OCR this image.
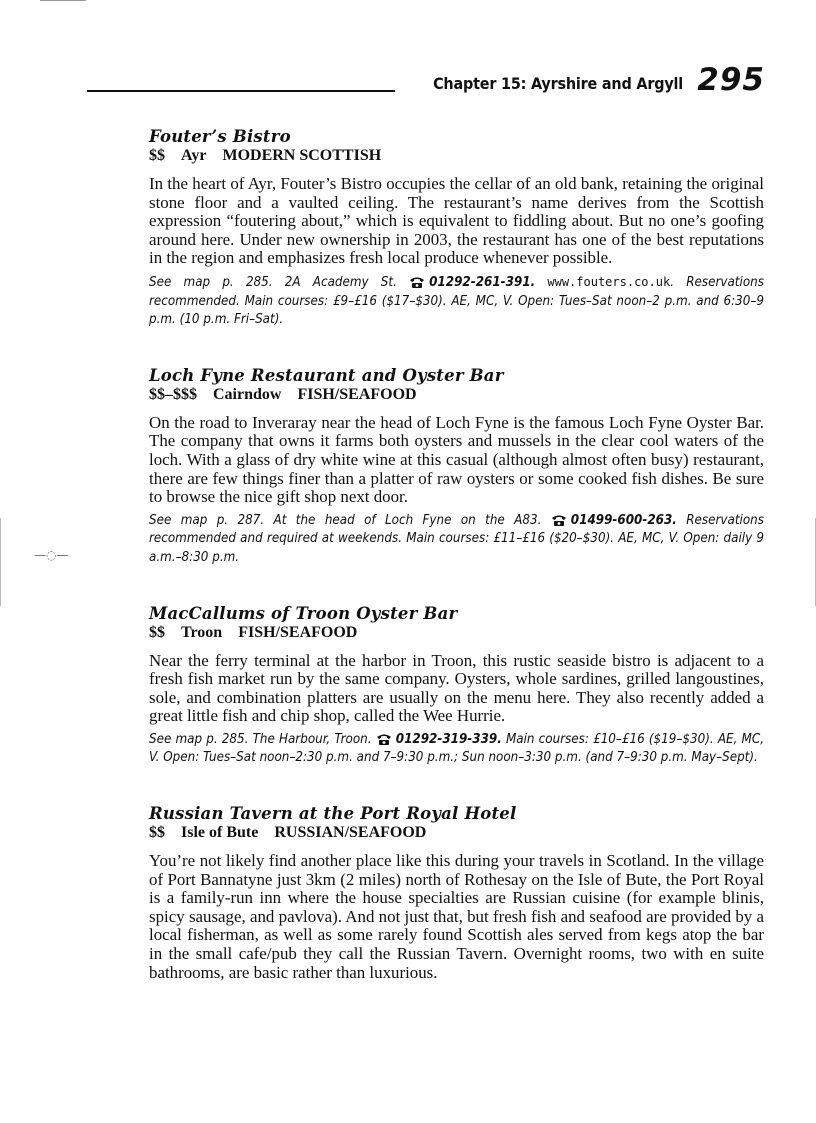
—◌—
Chapter 15: Ayrshire and Argyll 295
Fouter’s Bistro
$$ Ayr MODERN SCOTTISH

In the heart of Ayr, Fouter’s Bistro occupies the cellar of an old bank, retaining the original stone floor and a vaulted ceiling. The restaurant’s name derives from the Scottish expression “foutering about,” which is equivalent to fiddling about. But no one’s goofing around here. Under new ownership in 2003, the restaurant has one of the best reputations in the region and emphasizes fresh local produce whenever possible.

See map p. 285. 2A Academy St. 01292-261-391. www.fouters.co.uk. Reservations recommended. Main courses: £9–£16 ($17–$30). AE, MC, V. Open: Tues–Sat noon–2 p.m. and 6:30–9 p.m. (10 p.m. Fri–Sat).

Loch Fyne Restaurant and Oyster Bar
$$–$$$ Cairndow FISH/SEAFOOD

On the road to Inveraray near the head of Loch Fyne is the famous Loch Fyne Oyster Bar. The company that owns it farms both oysters and mussels in the clear cool waters of the loch. With a glass of dry white wine at this casual (although almost often busy) restaurant, there are few things finer than a platter of raw oysters or some cooked fish dishes. Be sure to browse the nice gift shop next door.

See map p. 287. At the head of Loch Fyne on the A83. 01499-600-263. Reservations recommended and required at weekends. Main courses: £11–£16 ($20–$30). AE, MC, V. Open: daily 9 a.m.–8:30 p.m.

MacCallums of Troon Oyster Bar
$$ Troon FISH/SEAFOOD

Near the ferry terminal at the harbor in Troon, this rustic seaside bistro is adjacent to a fresh fish market run by the same company. Oysters, whole sardines, grilled langoustines, sole, and combination platters are usually on the menu here. They also recently added a great little fish and chip shop, called the Wee Hurrie.

See map p. 285. The Harbour, Troon. 01292-319-339. Main courses: £10–£16 ($19–$30). AE, MC, V. Open: Tues–Sat noon–2:30 p.m. and 7–9:30 p.m.; Sun noon–3:30 p.m. (and 7–9:30 p.m. May–Sept).

Russian Tavern at the Port Royal Hotel
$$ Isle of Bute RUSSIAN/SEAFOOD

You’re not likely find another place like this during your travels in Scotland. In the village of Port Bannatyne just 3km (2 miles) north of Rothesay on the Isle of Bute, the Port Royal is a family-run inn where the house specialties are Russian cuisine (for example blinis, spicy sausage, and pavlova). And not just that, but fresh fish and seafood are provided by a local fisherman, as well as some rarely found Scottish ales served from kegs atop the bar in the small cafe/pub they call the Russian Tavern. Overnight rooms, two with en suite bathrooms, are basic rather than luxurious.
